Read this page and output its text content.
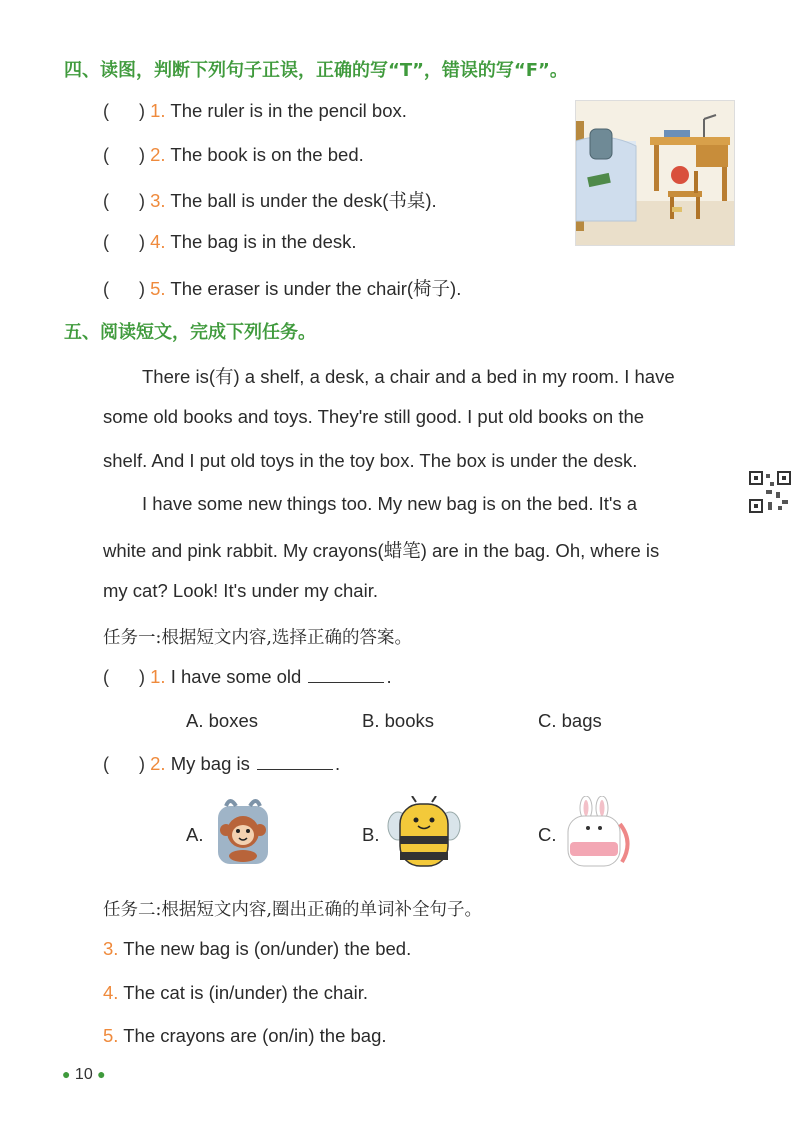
四、读图，判断下列句子正误，正确的写“T”，错误的写“F”。
(      ) 1. The ruler is in the pencil box.
(      ) 2. The book is on the bed.
(      ) 3. The ball is under the desk(书桌).
(      ) 4. The bag is in the desk.
(      ) 5. The eraser is under the chair(椅子).
五、阅读短文，完成下列任务。
There is(有) a shelf, a desk, a chair and a bed in my room. I have
some old books and toys. They're still good. I put old books on the
shelf. And I put old toys in the toy box. The box is under the desk.
I have some new things too. My new bag is on the bed. It's a
white and pink rabbit. My crayons(蜡笔) are in the bag. Oh, where is
my cat? Look! It's under my chair.
任务一:根据短文内容,选择正确的答案。
(      ) 1. I have some old	.
A. boxes	B. books	C. bags
(      ) 2. My bag is	.
A.	B.	C.
任务二:根据短文内容,圈出正确的单词补全句子。
3. The new bag is (on/under) the bed.
4. The cat is (in/under) the chair.
5. The crayons are (on/in) the bag.
● 10 ●
